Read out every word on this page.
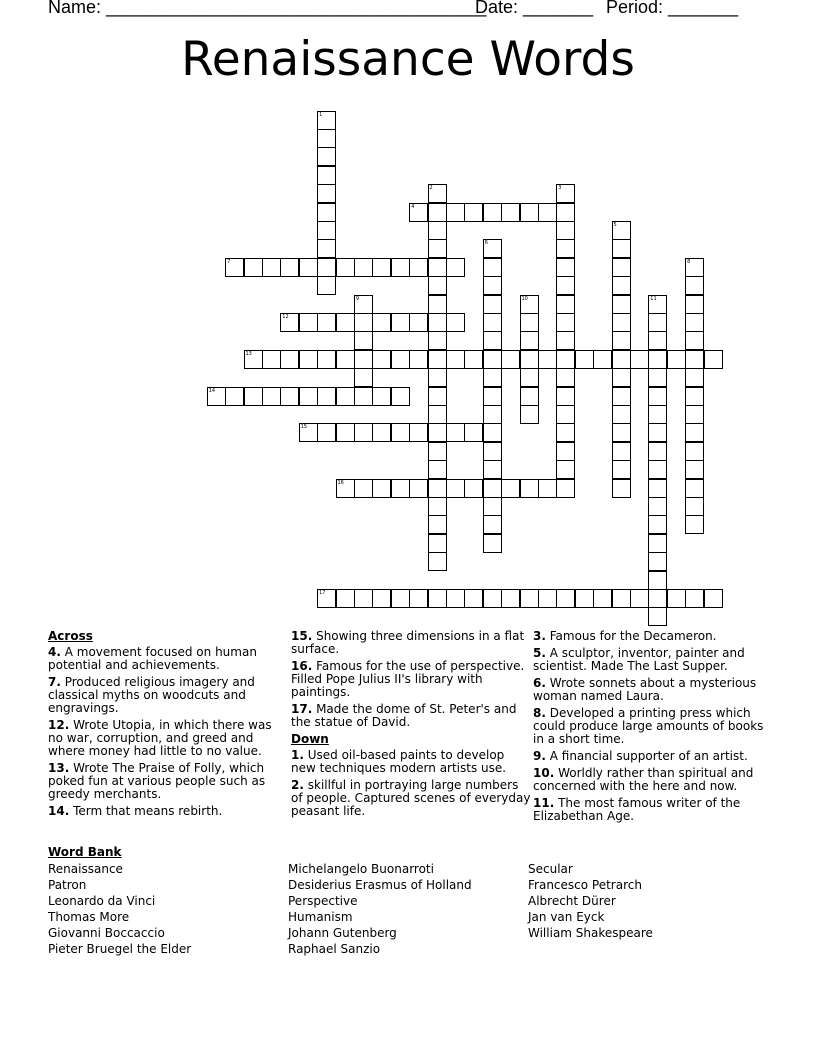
Name: ______________________________________
Date: _______ Period: _______
Renaissance Words
1
2	3
5
6
8
9	10	11
4
7
12
13
14
15
16
17
Across
4. A movement focused on human potential and achievements.
7. Produced religious imagery and classical myths on woodcuts and engravings.
12. Wrote Utopia, in which there was no war, corruption, and greed and where money had little to no value.
13. Wrote The Praise of Folly, which poked fun at various people such as greedy merchants.
14. Term that means rebirth.
15. Showing three dimensions in a flat surface.
16. Famous for the use of perspective. Filled Pope Julius II's library with paintings.
17. Made the dome of St. Peter's and the statue of David.
Down
1. Used oil-based paints to develop new techniques modern artists use.
2. skillful in portraying large numbers of people. Captured scenes of everyday peasant life.
3. Famous for the Decameron.
5. A sculptor, inventor, painter and scientist. Made The Last Supper.
6. Wrote sonnets about a mysterious woman named Laura.
8. Developed a printing press which could produce large amounts of books in a short time.
9. A financial supporter of an artist.
10. Worldly rather than spiritual and concerned with the here and now.
11. The most famous writer of the Elizabethan Age.
Word Bank
Renaissance
Patron
Leonardo da Vinci
Thomas More
Giovanni Boccaccio
Pieter Bruegel the Elder
Michelangelo Buonarroti
Desiderius Erasmus of Holland
Perspective
Humanism
Johann Gutenberg
Raphael Sanzio
Secular
Francesco Petrarch
Albrecht Dürer
Jan van Eyck
William Shakespeare
